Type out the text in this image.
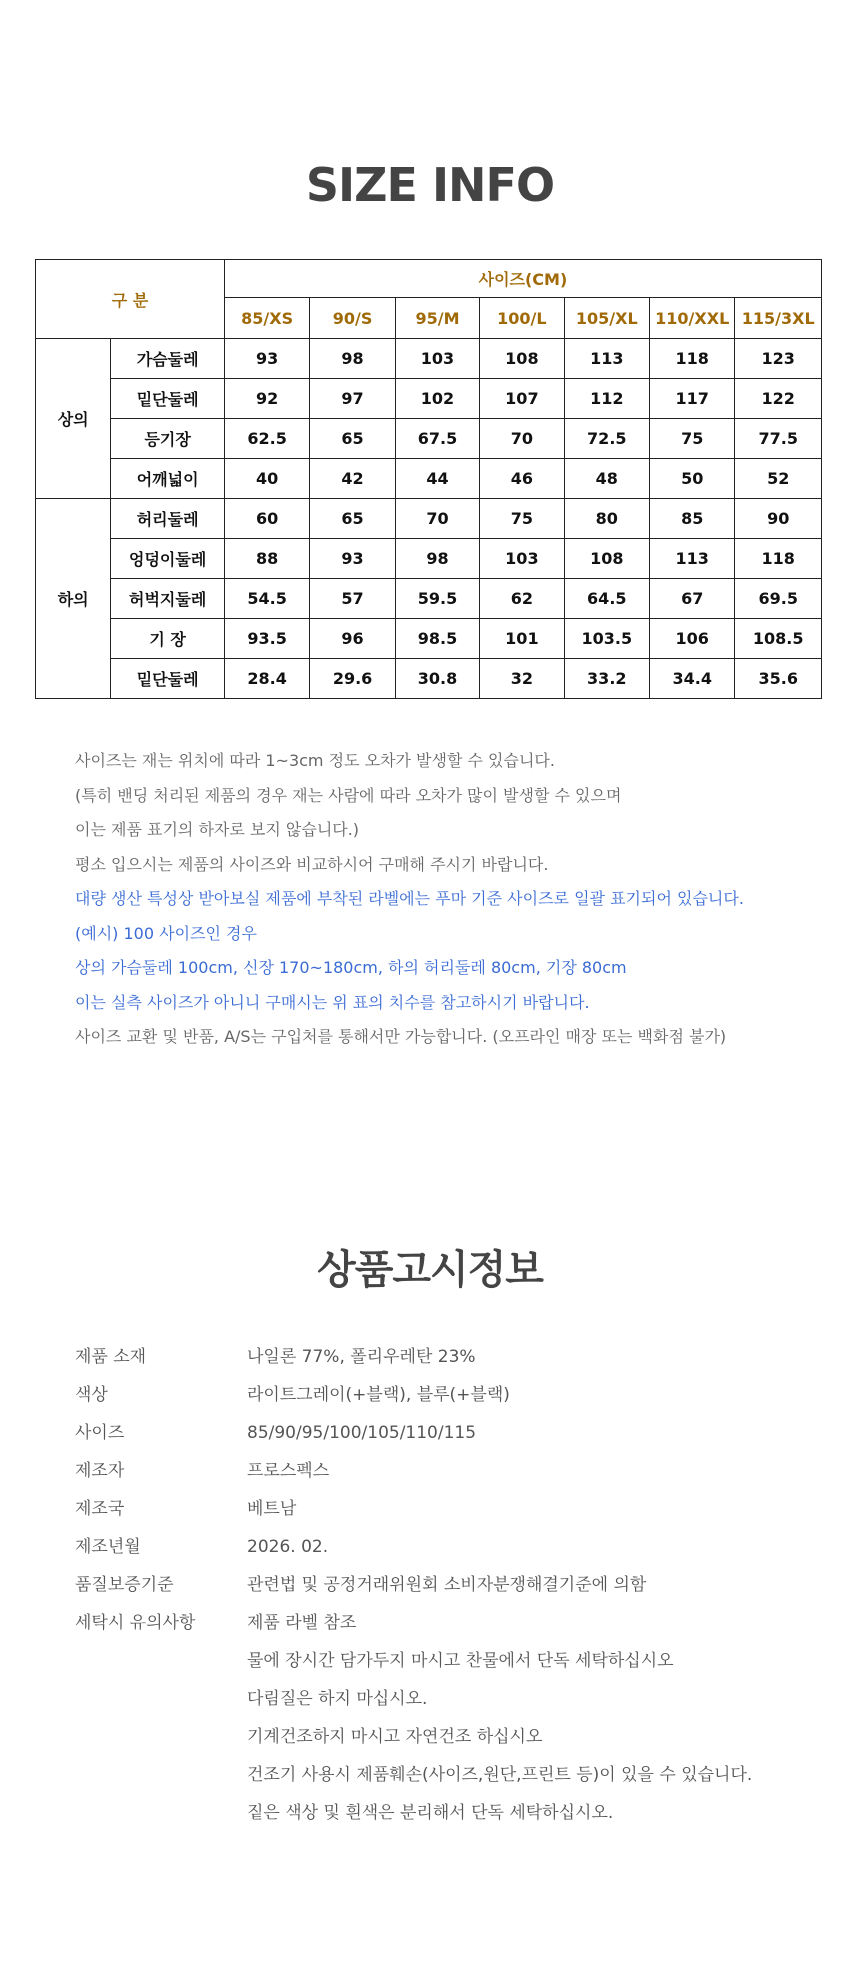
SIZE INFO
구 분		사이즈(CM)						
		85/XS	90/S	95/M	100/L	105/XL	110/XXL	115/3XL
상의	가슴둘레	93	98	103	108	113	118	123
	밑단둘레	92	97	102	107	112	117	122
	등기장	62.5	65	67.5	70	72.5	75	77.5
	어깨넓이	40	42	44	46	48	50	52
하의	허리둘레	60	65	70	75	80	85	90
	엉덩이둘레	88	93	98	103	108	113	118
	허벅지둘레	54.5	57	59.5	62	64.5	67	69.5
	기 장	93.5	96	98.5	101	103.5	106	108.5
	밑단둘레	28.4	29.6	30.8	32	33.2	34.4	35.6

사이즈는 재는 위치에 따라 1~3cm 정도 오차가 발생할 수 있습니다.

(특히 밴딩 처리된 제품의 경우 재는 사람에 따라 오차가 많이 발생할 수 있으며

이는 제품 표기의 하자로 보지 않습니다.)

평소 입으시는 제품의 사이즈와 비교하시어 구매해 주시기 바랍니다.

대량 생산 특성상 받아보실 제품에 부착된 라벨에는 푸마 기준 사이즈로 일괄 표기되어 있습니다.

(예시) 100 사이즈인 경우

상의 가슴둘레 100cm, 신장 170~180cm, 하의 허리둘레 80cm, 기장 80cm

이는 실측 사이즈가 아니니 구매시는 위 표의 치수를 참고하시기 바랍니다.

사이즈 교환 및 반품, A/S는 구입처를 통해서만 가능합니다. (오프라인 매장 또는 백화점 불가)

상품고시정보
제품 소재	나일론 77%, 폴리우레탄 23%
색상	라이트그레이(+블랙), 블루(+블랙)
사이즈	85/90/95/100/105/110/115
제조자	프로스펙스
제조국	베트남
제조년월	2026. 02.
품질보증기준	관련법 및 공정거래위원회 소비자분쟁해결기준에 의함
세탁시 유의사항	제품 라벨 참조
물에 장시간 담가두지 마시고 찬물에서 단독 세탁하십시오
다림질은 하지 마십시오.
기계건조하지 마시고 자연건조 하십시오
건조기 사용시 제품훼손(사이즈,원단,프린트 등)이 있을 수 있습니다.
짙은 색상 및 흰색은 분리해서 단독 세탁하십시오.
